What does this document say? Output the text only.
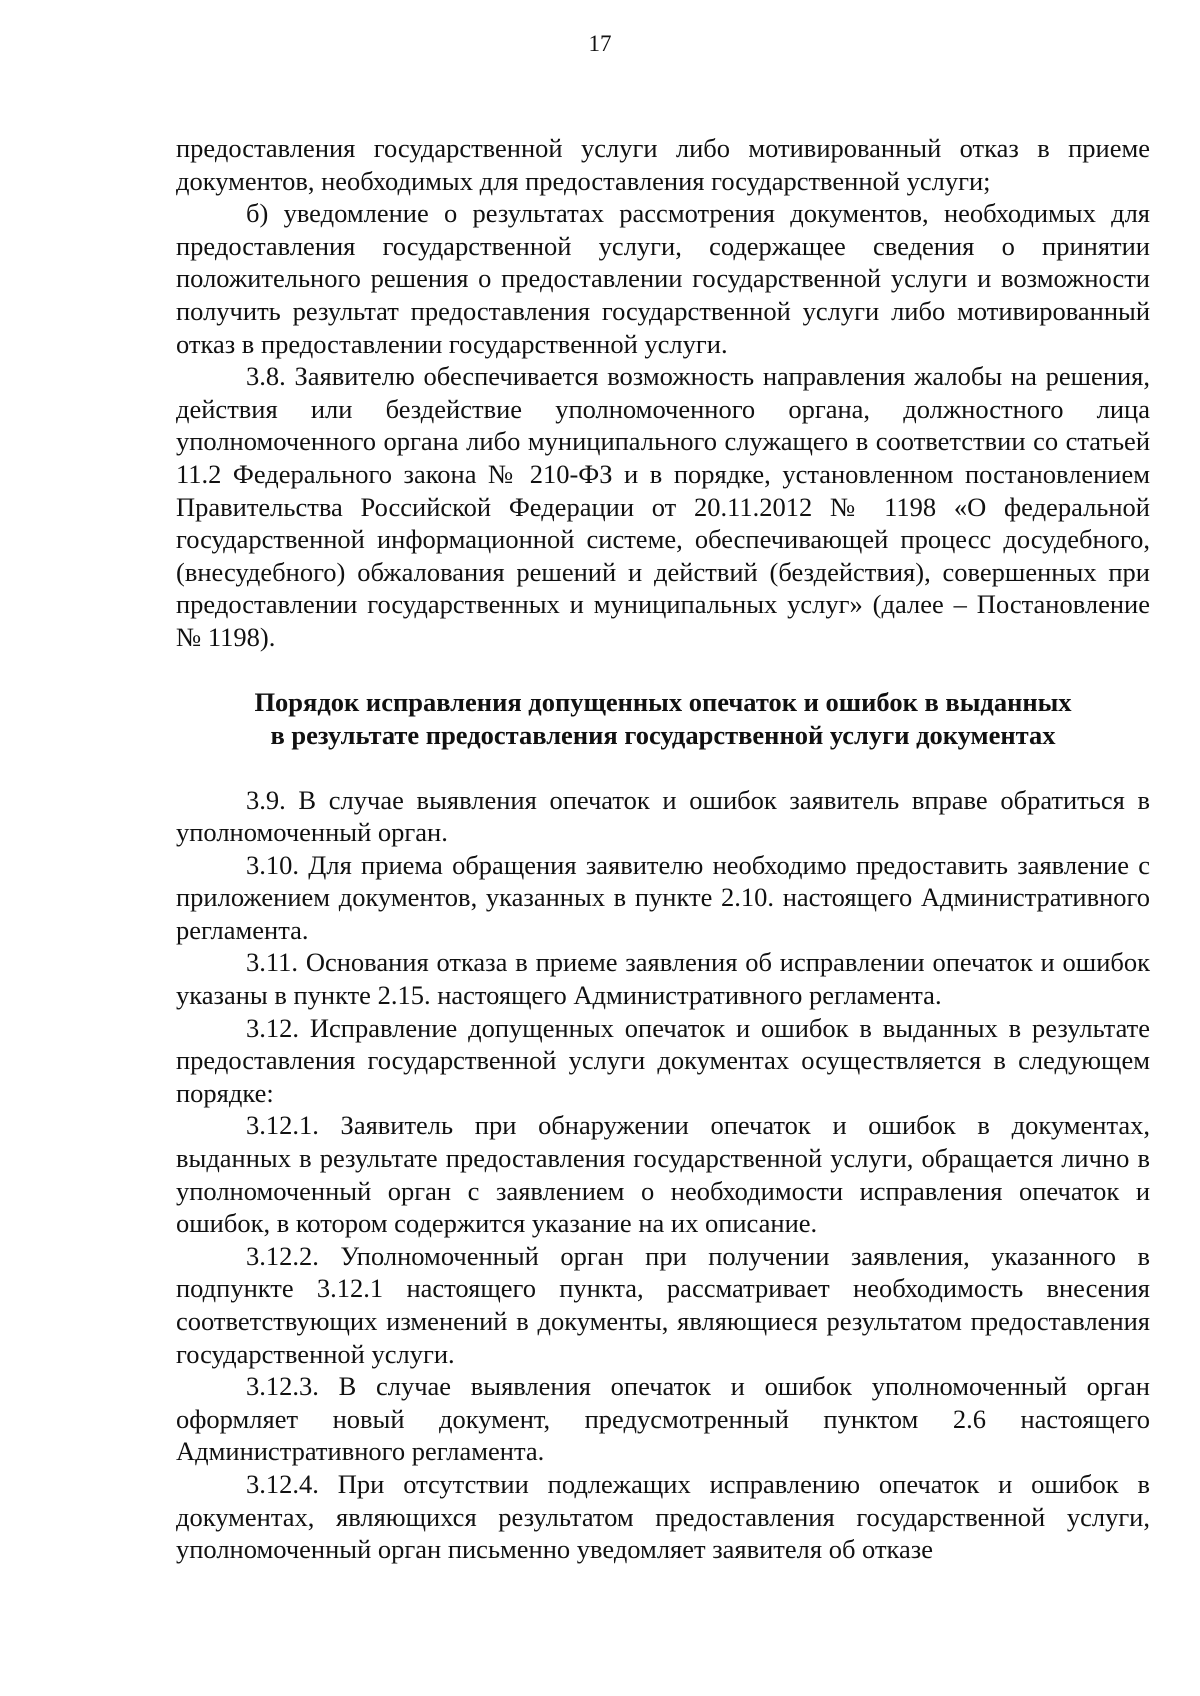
17

предоставления государственной услуги либо мотивированный отказ в приеме документов, необходимых для предоставления государственной услуги;

б) уведомление о результатах рассмотрения документов, необходимых для предоставления государственной услуги, содержащее сведения о принятии положительного решения о предоставлении государственной услуги и возможности получить результат предоставления государственной услуги либо мотивированный отказ в предоставлении государственной услуги.

3.8. Заявителю обеспечивается возможность направления жалобы на решения, действия или бездействие уполномоченного органа, должностного лица уполномоченного органа либо муниципального служащего в соответствии со статьей 11.2 Федерального закона № 210-ФЗ и в порядке, установленном постановлением Правительства Российской Федерации от 20.11.2012 № 1198 «О федеральной государственной информационной системе, обеспечивающей процесс досудебного, (внесудебного) обжалования решений и действий (бездействия), совершенных при предоставлении государственных и муниципальных услуг» (далее – Постановление № 1198).

Порядок исправления допущенных опечаток и ошибок в выданных
в результате предоставления государственной услуги документах

3.9. В случае выявления опечаток и ошибок заявитель вправе обратиться в уполномоченный орган.

3.10. Для приема обращения заявителю необходимо предоставить заявление с приложением документов, указанных в пункте 2.10. настоящего Административного регламента.

3.11. Основания отказа в приеме заявления об исправлении опечаток и ошибок указаны в пункте 2.15. настоящего Административного регламента.

3.12. Исправление допущенных опечаток и ошибок в выданных в результате предоставления государственной услуги документах осуществляется в следующем порядке:

3.12.1. Заявитель при обнаружении опечаток и ошибок в документах, выданных в результате предоставления государственной услуги, обращается лично в уполномоченный орган с заявлением о необходимости исправления опечаток и ошибок, в котором содержится указание на их описание.

3.12.2. Уполномоченный орган при получении заявления, указанного в подпункте 3.12.1 настоящего пункта, рассматривает необходимость внесения соответствующих изменений в документы, являющиеся результатом предоставления государственной услуги.

3.12.3. В случае выявления опечаток и ошибок уполномоченный орган оформляет новый документ, предусмотренный пунктом 2.6 настоящего Административного регламента.

3.12.4. При отсутствии подлежащих исправлению опечаток и ошибок в документах, являющихся результатом предоставления государственной услуги, уполномоченный орган письменно уведомляет заявителя об отказе
